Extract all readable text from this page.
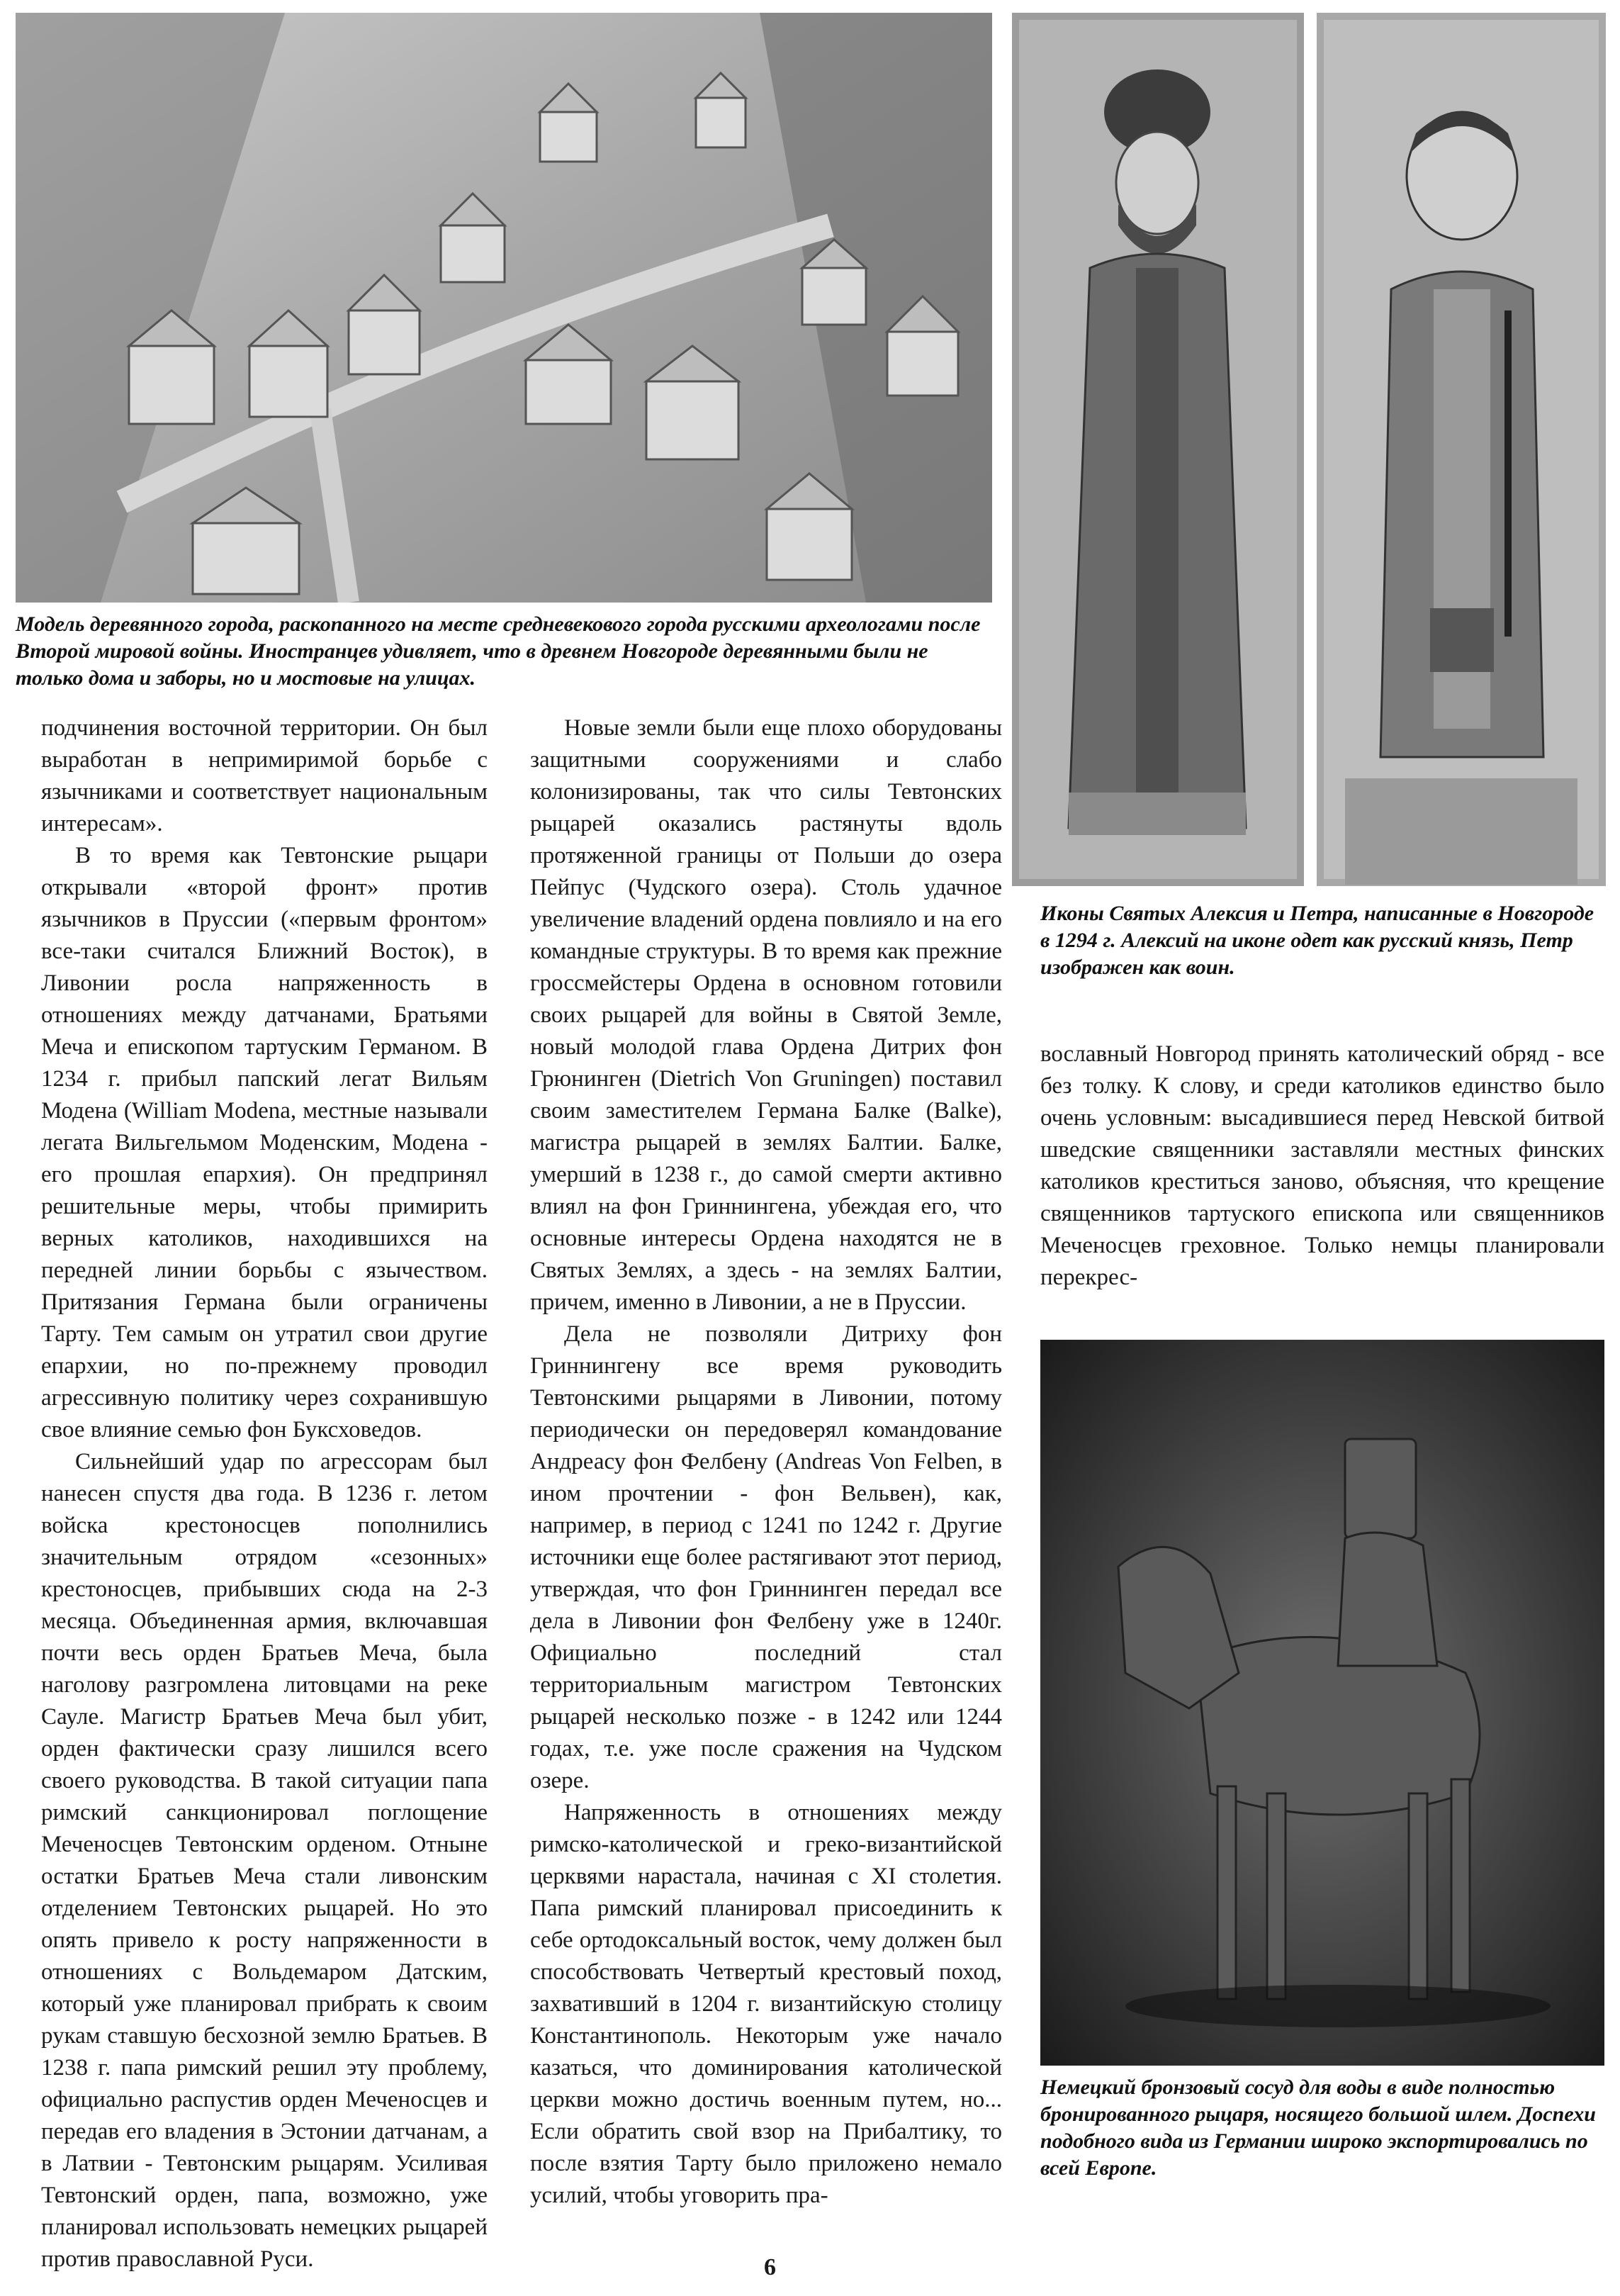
Модель деревянного города, раскопанного на месте средневекового города русскими археологами после Второй мировой войны. Иностранцев удивляет, что в древнем Новгороде деревянными были не только дома и заборы, но и мостовые на улицах.
Иконы Святых Алексия и Петра, написанные в Новгороде в 1294 г. Алексий на иконе одет как русский князь, Петр изображен как воин.
Немецкий бронзовый сосуд для воды в виде полностью бронированного рыцаря, носящего большой шлем. Доспехи подобного вида из Германии широко экспортировались по всей Европе.

подчинения восточной территории. Он был выработан в непримиримой борьбе с язычниками и соответствует национальным интересам».

В то время как Тевтонские рыцари открывали «второй фронт» против язычников в Пруссии («первым фронтом» все-таки считался Ближний Восток), в Ливонии росла напряженность в отношениях между датчанами, Братьями Меча и епископом тартуским Германом. В 1234 г. прибыл папский легат Вильям Модена (William Modena, местные называли легата Вильгельмом Моденским, Модена - его прошлая епархия). Он предпринял решительные меры, чтобы примирить верных католиков, находившихся на передней линии борьбы с язычеством. Притязания Германа были ограничены Тарту. Тем самым он утратил свои другие епархии, но по-прежнему проводил агрессивную политику через сохранившую свое влияние семью фон Буксховедов.

Сильнейший удар по агрессорам был нанесен спустя два года. В 1236 г. летом войска крестоносцев пополнились значительным отрядом «сезонных» крестоносцев, прибывших сюда на 2-3 месяца. Объединенная армия, включавшая почти весь орден Братьев Меча, была наголову разгромлена литовцами на реке Сауле. Магистр Братьев Меча был убит, орден фактически сразу лишился всего своего руководства. В такой ситуации папа римский санкционировал поглощение Меченосцев Тевтонским орденом. Отныне остатки Братьев Меча стали ливонским отделением Тевтонских рыцарей. Но это опять привело к росту напряженности в отношениях с Вольдемаром Датским, который уже планировал прибрать к своим рукам ставшую бесхозной землю Братьев. В 1238 г. папа римский решил эту проблему, официально распустив орден Меченосцев и передав его владения в Эстонии датчанам, а в Латвии - Тевтонским рыцарям. Усиливая Тевтонский орден, папа, возможно, уже планировал использовать немецких рыцарей против православной Руси.

Новые земли были еще плохо оборудованы защитными сооружениями и слабо колонизированы, так что силы Тевтонских рыцарей оказались растянуты вдоль протяженной границы от Польши до озера Пейпус (Чудского озера). Столь удачное увеличение владений ордена повлияло и на его командные структуры. В то время как прежние гроссмейстеры Ордена в основном готовили своих рыцарей для войны в Святой Земле, новый молодой глава Ордена Дитрих фон Грюнинген (Dietrich Von Gruningen) поставил своим заместителем Германа Балке (Balke), магистра рыцарей в землях Балтии. Балке, умерший в 1238 г., до самой смерти активно влиял на фон Гриннингена, убеждая его, что основные интересы Ордена находятся не в Святых Землях, а здесь - на землях Балтии, причем, именно в Ливонии, а не в Пруссии.

Дела не позволяли Дитриху фон Гриннингену все время руководить Тевтонскими рыцарями в Ливонии, потому периодически он передоверял командование Андреасу фон Фелбену (Andreas Von Felben, в ином прочтении - фон Вельвен), как, например, в период с 1241 по 1242 г. Другие источники еще более растягивают этот период, утверждая, что фон Гриннинген передал все дела в Ливонии фон Фелбену уже в 1240г. Официально последний стал территориальным магистром Тевтонских рыцарей несколько позже - в 1242 или 1244 годах, т.е. уже после сражения на Чудском озере.

Напряженность в отношениях между римско-католической и греко-византийской церквями нарастала, начиная с XI столетия. Папа римский планировал присоединить к себе ортодоксальный восток, чему должен был способствовать Четвертый крестовый поход, захвативший в 1204 г. византийскую столицу Константинополь. Некоторым уже начало казаться, что доминирования католической церкви можно достичь военным путем, но... Если обратить свой взор на Прибалтику, то после взятия Тарту было приложено немало усилий, чтобы уговорить пра-

вославный Новгород принять католический обряд - все без толку. К слову, и среди католиков единство было очень условным: высадившиеся перед Невской битвой шведские священники заставляли местных финских католиков креститься заново, объясняя, что крещение священников тартуского епископа или священников Меченосцев греховное. Только немцы планировали перекрес-

6
